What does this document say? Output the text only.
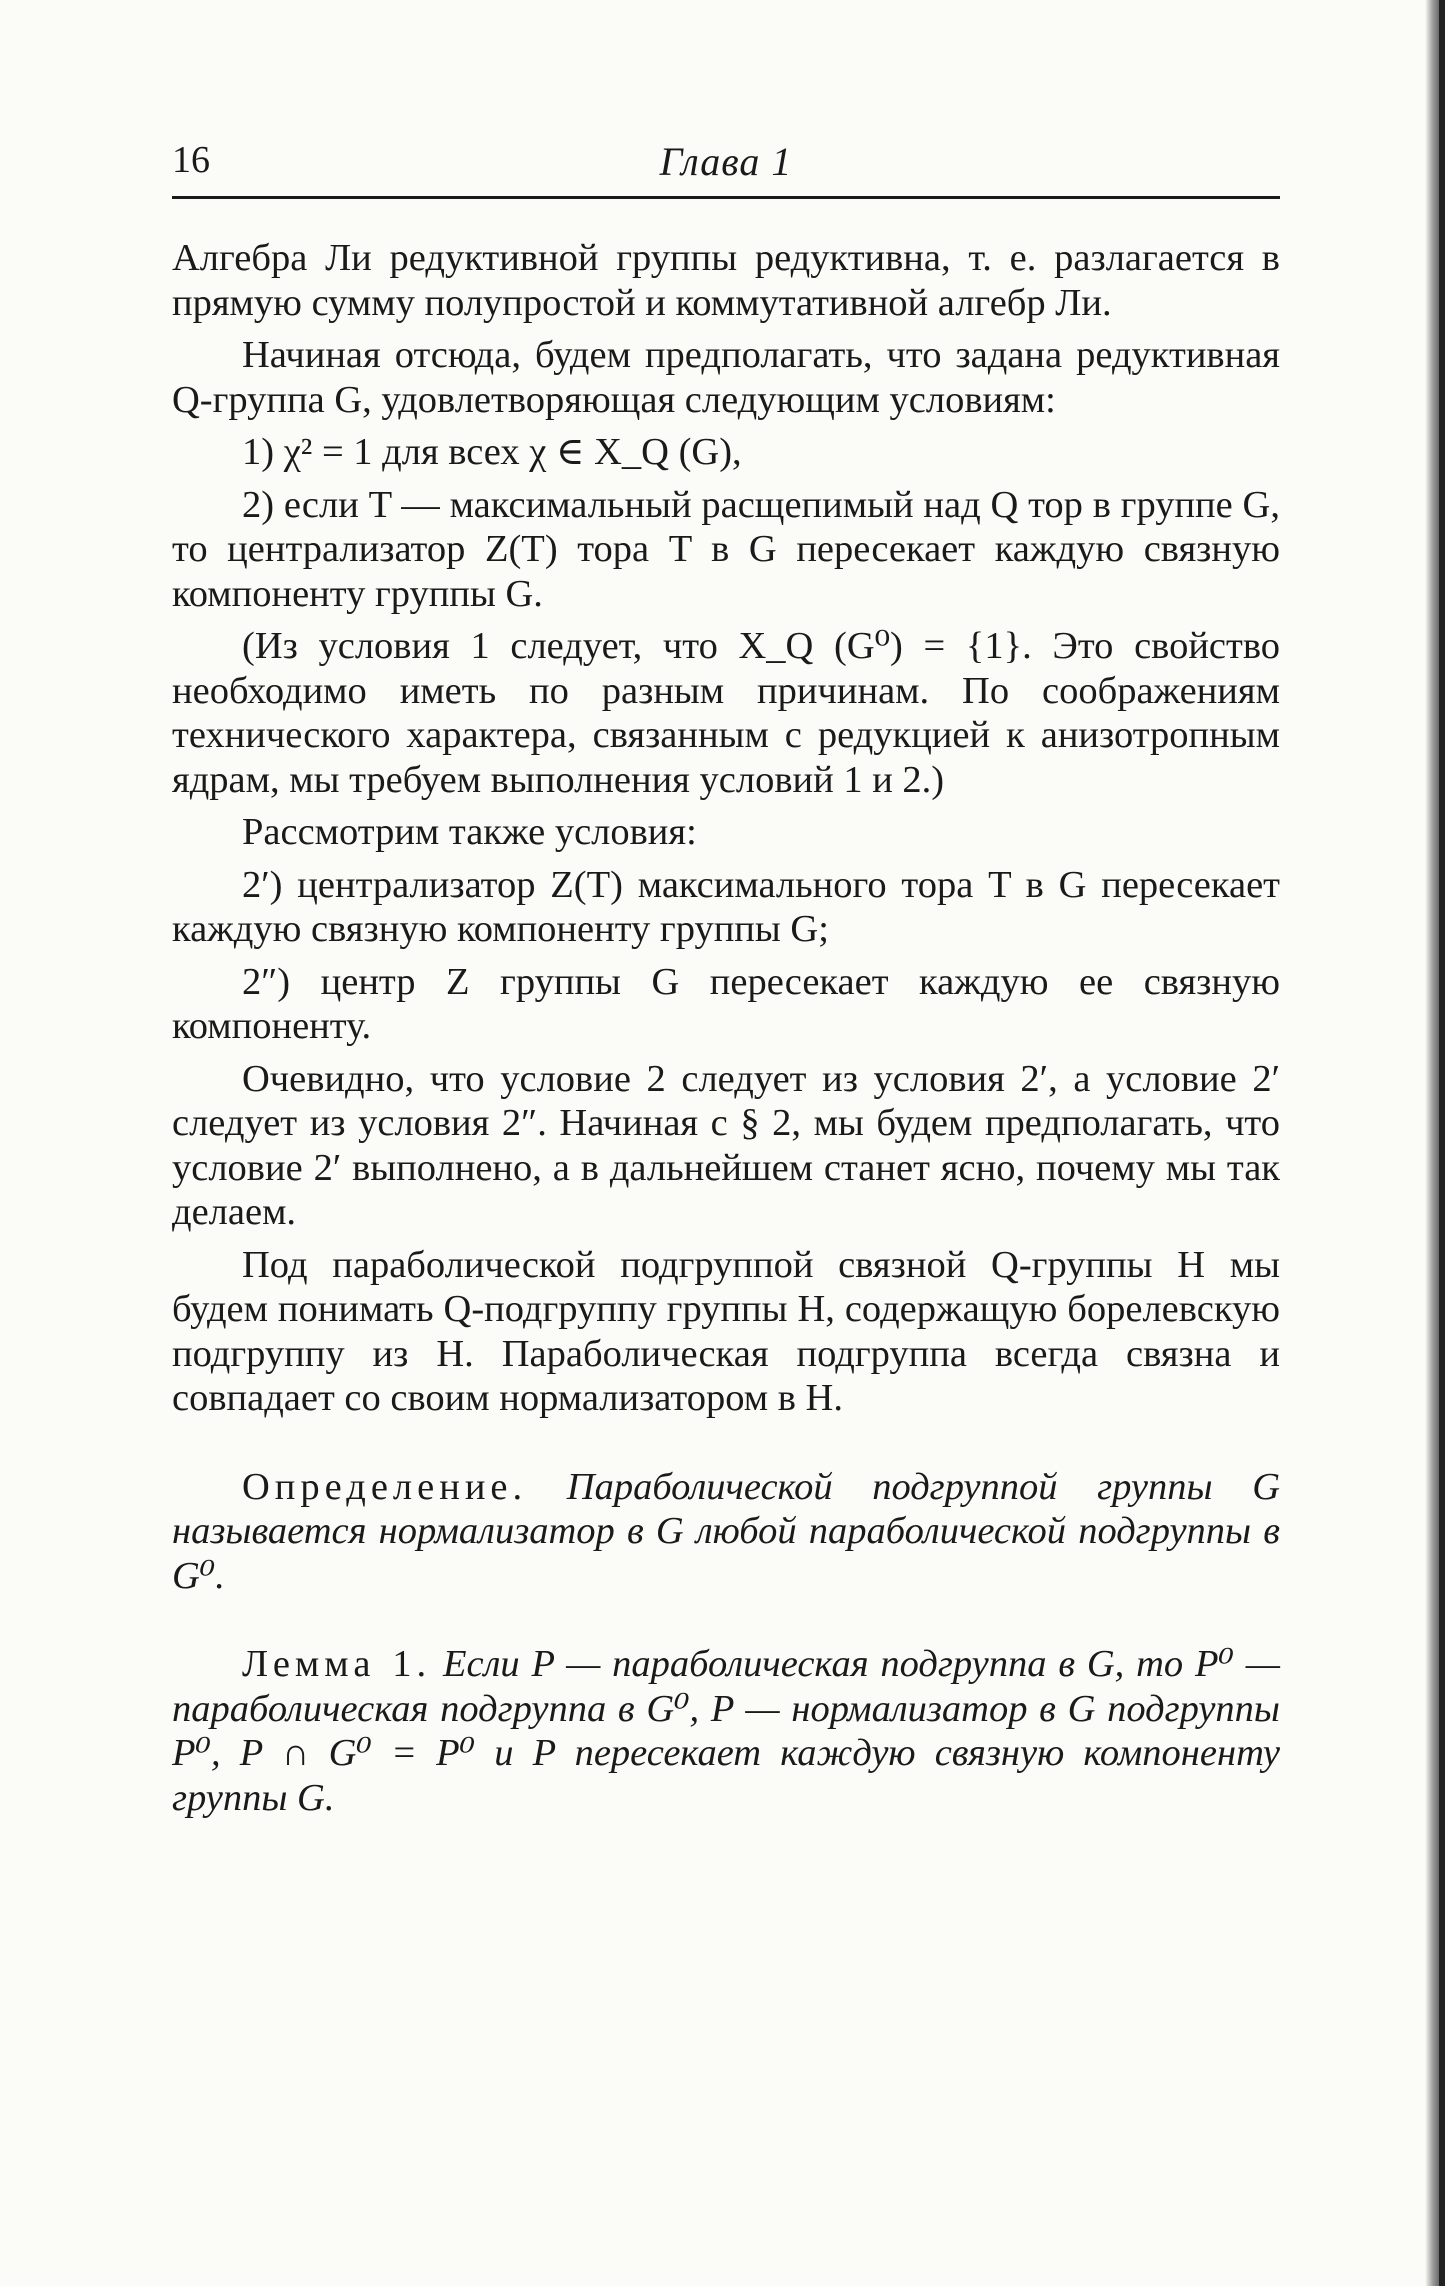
16	Глава 1

Алгебра Ли редуктивной группы редуктивна, т. е. разлагается в прямую сумму полупростой и коммутативной алгебр Ли.

Начиная отсюда, будем предполагать, что задана редуктивная Q-группа G, удовлетворяющая следующим условиям:

1) χ² = 1 для всех χ ∈ X_Q (G),

2) если T — максимальный расщепимый над Q тор в группе G, то централизатор Z(T) тора T в G пересекает каждую связную компоненту группы G.

(Из условия 1 следует, что X_Q (G⁰) = {1}. Это свойство необходимо иметь по разным причинам. По соображениям технического характера, связанным с редукцией к анизотропным ядрам, мы требуем выполнения условий 1 и 2.)

Рассмотрим также условия:

2′) централизатор Z(T) максимального тора T в G пересекает каждую связную компоненту группы G;

2″) центр Z группы G пересекает каждую ее связную компоненту.

Очевидно, что условие 2 следует из условия 2′, а условие 2′ следует из условия 2″. Начиная с § 2, мы будем предполагать, что условие 2′ выполнено, а в дальнейшем станет ясно, почему мы так делаем.

Под параболической подгруппой связной Q-группы H мы будем понимать Q-подгруппу группы H, содержащую борелевскую подгруппу из H. Параболическая подгруппа всегда связна и совпадает со своим нормализатором в H.

Определение. Параболической подгруппой группы G называется нормализатор в G любой параболической подгруппы в G⁰.

Лемма 1. Если P — параболическая подгруппа в G, то P⁰ — параболическая подгруппа в G⁰, P — нормализатор в G подгруппы P⁰, P ∩ G⁰ = P⁰ и P пересекает каждую связную компоненту группы G.
